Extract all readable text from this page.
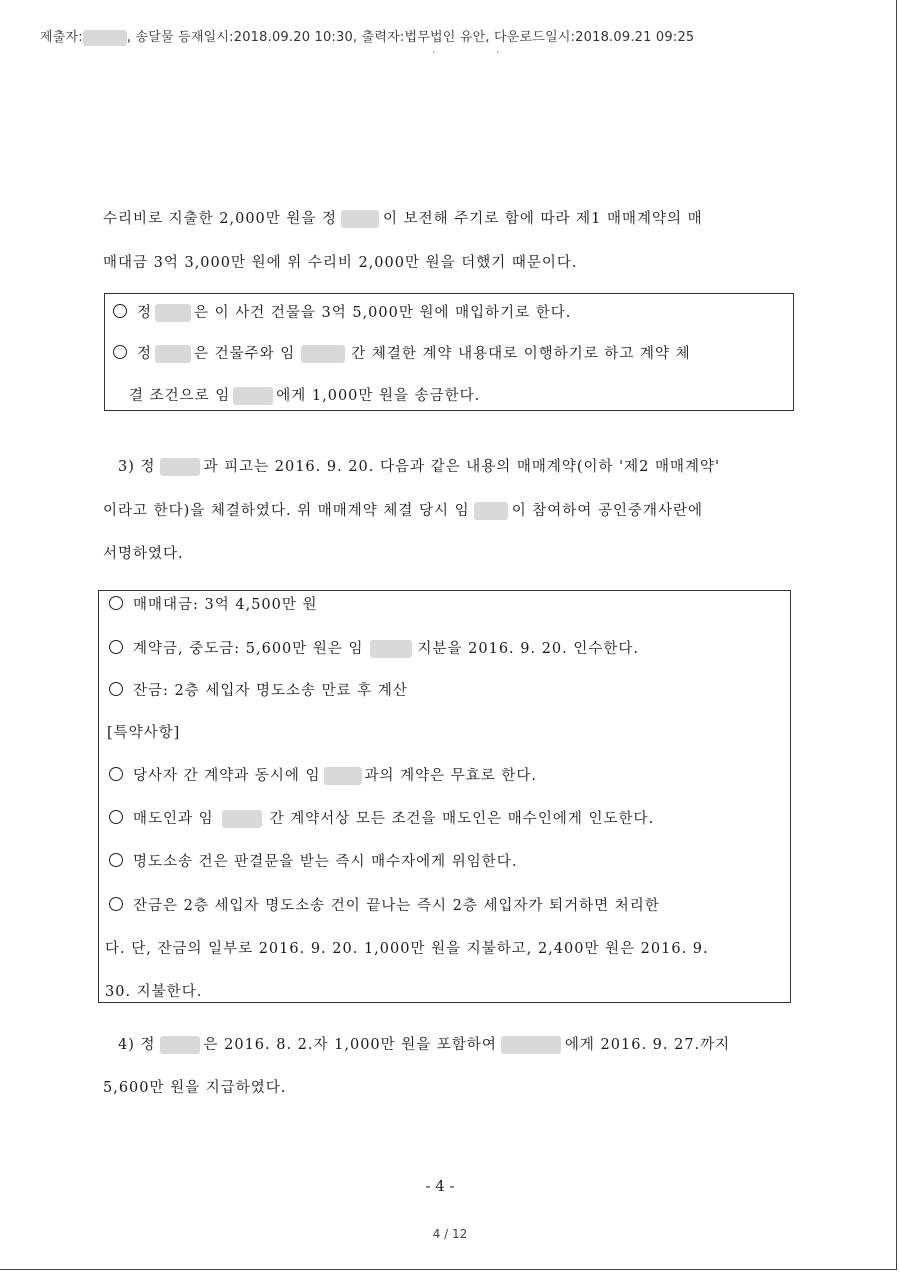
제출자:	, 송달물 등재일시:2018.09.20 10:30, 출력자:법무법인 유안, 다운로드일시:2018.09.21 09:25
·	·
수리비로 지출한 2,000만 원을 정	이 보전해 주기로 함에 따라 제1 매매계약의 매
매대금 3억 3,000만 원에 위 수리비 2,000만 원을 더했기 때문이다.
정	은 이 사건 건물을 3억 5,000만 원에 매입하기로 한다.
정	은 건물주와 임	간 체결한 계약 내용대로 이행하기로 하고 계약 체
결 조건으로 임	에게 1,000만 원을 송금한다.
3) 정	과 피고는 2016. 9. 20. 다음과 같은 내용의 매매계약(이하 '제2 매매계약'
이라고 한다)을 체결하였다. 위 매매계약 체결 당시 임	이 참여하여 공인중개사란에
서명하였다.
매매대금: 3억 4,500만 원
계약금, 중도금: 5,600만 원은 임	지분을 2016. 9. 20. 인수한다.
잔금: 2층 세입자 명도소송 만료 후 계산
[특약사항]
당사자 간 계약과 동시에 임	과의 계약은 무효로 한다.
매도인과 임	간 계약서상 모든 조건을 매도인은 매수인에게 인도한다.
명도소송 건은 판결문을 받는 즉시 매수자에게 위임한다.
잔금은 2층 세입자 명도소송 건이 끝나는 즉시 2층 세입자가 퇴거하면 처리한
다. 단, 잔금의 일부로 2016. 9. 20. 1,000만 원을 지불하고, 2,400만 원은 2016. 9.
30. 지불한다.
4) 정	은 2016. 8. 2.자 1,000만 원을 포함하여	에게 2016. 9. 27.까지
5,600만 원을 지급하였다.
- 4 -
4 / 12
